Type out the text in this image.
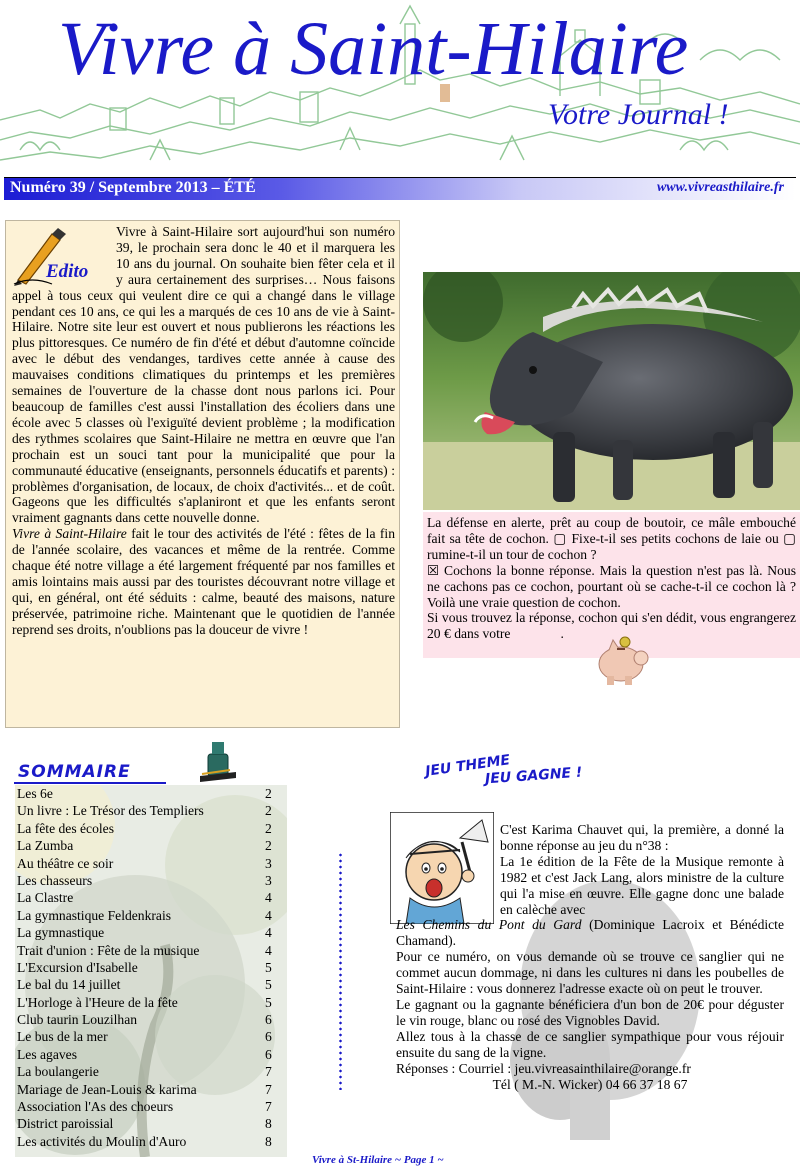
Vivre à Saint-Hilaire
Votre Journal !
Numéro 39 / Septembre 2013 – ÉTÉ	www.vivreasthilaire.fr
Edito

Vivre à Saint-Hilaire sort aujourd'hui son numéro 39, le prochain sera donc le 40 et il marquera les 10 ans du journal. On souhaite bien fêter cela et il y aura certainement des surprises… Nous faisons appel à tous ceux qui veulent dire ce qui a changé dans le village pendant ces 10 ans, ce qui les a marqués de ces 10 ans de vie à Saint-Hilaire. Notre site leur est ouvert et nous publierons les réactions les plus pittoresques. Ce numéro de fin d'été et début d'automne coïncide avec le début des vendanges, tardives cette année à cause des mauvaises conditions climatiques du printemps et les premières semaines de l'ouverture de la chasse dont nous parlons ici. Pour beaucoup de familles c'est aussi l'installation des écoliers dans une école avec 5 classes où l'exiguïté devient problème ; la modification des rythmes scolaires que Saint-Hilaire ne mettra en œuvre que l'an prochain est un souci tant pour la municipalité que pour la communauté éducative (enseignants, personnels éducatifs et parents) : problèmes d'organisation, de locaux, de choix d'activités... et de coût. Gageons que les difficultés s'aplaniront et que les enfants seront vraiment gagnants dans cette nouvelle donne.

Vivre à Saint-Hilaire fait le tour des activités de l'été : fêtes de la fin de l'année scolaire, des vacances et même de la rentrée. Comme chaque été notre village a été largement fréquenté par nos familles et amis lointains mais aussi par des touristes découvrant notre village et qui, en général, ont été séduits : calme, beauté des maisons, nature préservée, patrimoine riche. Maintenant que le quotidien de l'année reprend ses droits, n'oublions pas la douceur de vivre !

La défense en alerte, prêt au coup de boutoir, ce mâle embouché fait sa tête de cochon. ▢ Fixe-t-il ses petits cochons de laie ou ▢ rumine-t-il un tour de cochon ?

☒ Cochons la bonne réponse. Mais la question n'est pas là. Nous ne cachons pas ce cochon, pourtant où se cache-t-il ce cochon là ? Voilà une vraie question de cochon.

Si vous trouvez la réponse, cochon qui s'en dédit, vous engrangerez 20 € dans votre	.

SOMMAIRE
Les 6e	2
Un livre : Le Trésor des Templiers	2
La fête des écoles	2
La Zumba	2
Au théâtre ce soir	3
Les chasseurs	3
La Clastre	4
La gymnastique Feldenkrais	4
La gymnastique	4
Trait d'union : Fête de la musique	4
L'Excursion d'Isabelle	5
Le bal du 14 juillet	5
L'Horloge à l'Heure de la fête	5
Club taurin Louzilhan	6
Le bus de la mer	6
Les agaves	6
La boulangerie	7
Mariage de Jean-Louis & karima	7
Association l'As des choeurs	7
District paroissial	8
Les activités du Moulin d'Auro	8
JEU THEME
JEU GAGNE !

C'est Karima Chauvet qui, la première, a donné la bonne réponse au jeu du n°38 :

La 1e édition de la Fête de la Musique remonte à 1982 et c'est Jack Lang, alors ministre de la culture qui l'a mise en œuvre. Elle gagne donc une balade en calèche avec

Les Chemins du Pont du Gard (Dominique Lacroix et Bénédicte Chamand).

Pour ce numéro, on vous demande où se trouve ce sanglier qui ne commet aucun dommage, ni dans les cultures ni dans les poubelles de Saint-Hilaire : vous donnerez l'adresse exacte où on peut le trouver.

Le gagnant ou la gagnante bénéficiera d'un bon de 20€ pour déguster le vin rouge, blanc ou rosé des Vignobles David.

Allez tous à la chasse de ce sanglier sympathique pour vous réjouir ensuite du sang de la vigne.

Réponses : Courriel : jeu.vivreasainthilaire@orange.fr

Tél ( M.-N. Wicker) 04 66 37 18 67

Vivre à St-Hilaire ~ Page 1 ~
